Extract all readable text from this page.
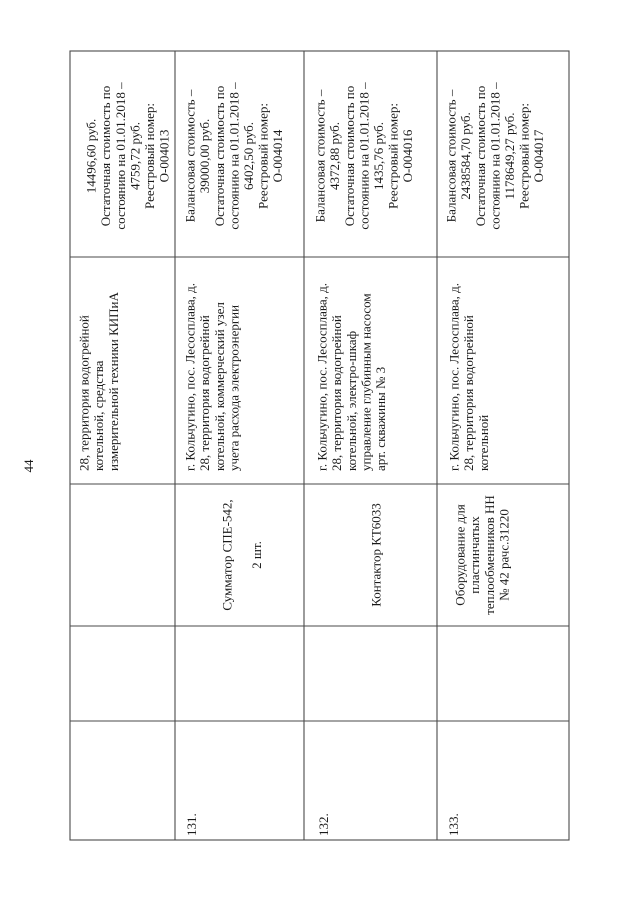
44	28, территория водогрейной котельной, средства измерительной техники КИПиА
14496,60 руб. Остаточная стоимость по состоянию на 01.01.2018 – 4759,72 руб. Реестровый номер: О-004013
131.
Сумматор СПЕ-542, 2 шт.
г. Кольчугино, пос. Лесосплава, д. 28, территория водогрейной котельной, коммерческий узел учета расхода электроэнергии
Балансовая стоимость – 39000,00 руб. Остаточная стоимость по состоянию на 01.01.2018 – 6402,50 руб. Реестровый номер: О-004014
132.
Контактор КТ6033
г. Кольчугино, пос. Лесосплава, д. 28, территория водогрейной котельной, электро-шкаф управление глубинным насосом арт. скважины № 3
Балансовая стоимость – 4372,88 руб. Остаточная стоимость по состоянию на 01.01.2018 – 1435,76 руб. Реестровый номер: О-004016
133.
Оборудование для пластинчатых теплообменников НН № 42 рачс.31220
г. Кольчугино, пос. Лесосплава, д. 28, территория водогрейной котельной
Балансовая стоимость – 2438584,70 руб. Остаточная стоимость по состоянию на 01.01.2018 – 1178649,27 руб. Реестровый номер: О-004017
